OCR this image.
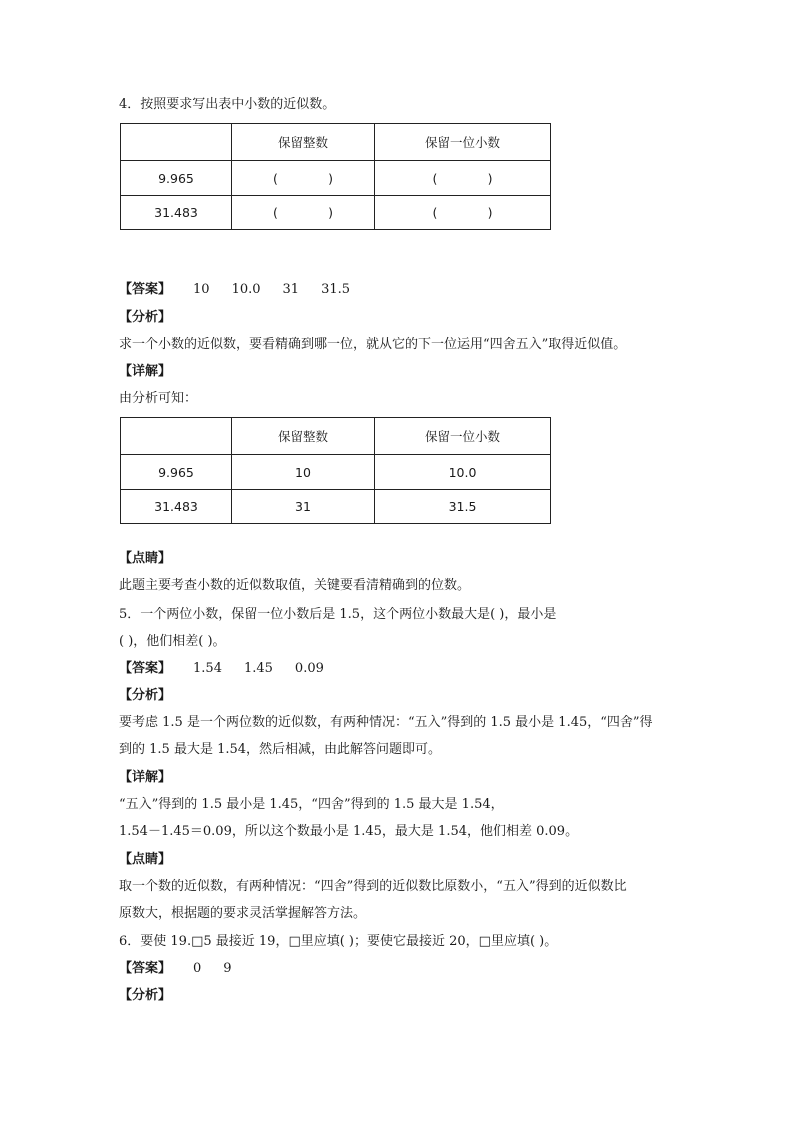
4．按照要求写出表中小数的近似数。
	保留整数	保留一位小数
9.965	( )	( )

31.483	( )	( )
【答案】 10 10.0 31 31.5
【分析】
求一个小数的近似数，要看精确到哪一位，就从它的下一位运用“四舍五入”取得近似值。
【详解】
由分析可知：
	保留整数	保留一位小数
9.965	10	10.0
31.483	31	31.5
【点睛】
此题主要考查小数的近似数取值，关键要看清精确到的位数。
5．一个两位小数，保留一位小数后是 1.5，这个两位小数最大是( )，最小是
( )，他们相差( )。
【答案】 1.54 1.45 0.09
【分析】
要考虑 1.5 是一个两位数的近似数，有两种情况：“五入”得到的 1.5 最小是 1.45，“四舍”得
到的 1.5 最大是 1.54，然后相减，由此解答问题即可。
【详解】
“五入”得到的 1.5 最小是 1.45，“四舍”得到的 1.5 最大是 1.54，
1.54－1.45＝0.09，所以这个数最小是 1.45，最大是 1.54，他们相差 0.09。
【点睛】
取一个数的近似数，有两种情况：“四舍”得到的近似数比原数小，“五入”得到的近似数比
原数大，根据题的要求灵活掌握解答方法。
6．要使 19.□5 最接近 19，□里应填( )；要使它最接近 20，□里应填( )。
【答案】 0 9
【分析】
